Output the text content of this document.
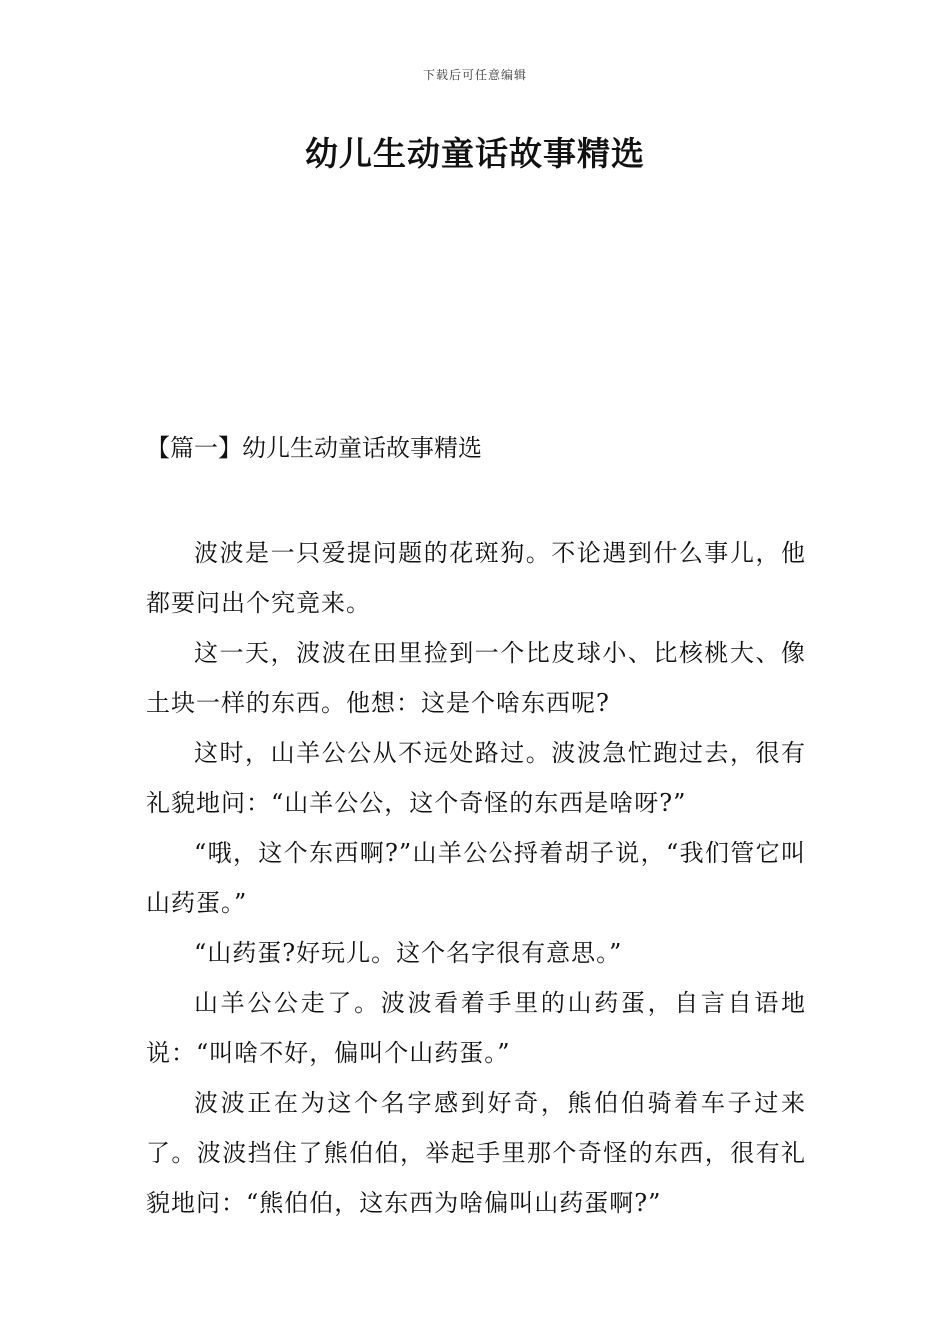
下载后可任意编辑
幼儿生动童话故事精选
【篇一】幼儿生动童话故事精选

波波是一只爱提问题的花斑狗。不论遇到什么事儿，他都要问出个究竟来。

这一天，波波在田里捡到一个比皮球小、比核桃大、像土块一样的东西。他想：这是个啥东西呢?

这时，山羊公公从不远处路过。波波急忙跑过去，很有礼貌地问：“山羊公公，这个奇怪的东西是啥呀?”

“哦，这个东西啊?”山羊公公捋着胡子说，“我们管它叫山药蛋。”

“山药蛋?好玩儿。这个名字很有意思。”

山羊公公走了。波波看着手里的山药蛋，自言自语地说：“叫啥不好，偏叫个山药蛋。”

波波正在为这个名字感到好奇，熊伯伯骑着车子过来了。波波挡住了熊伯伯，举起手里那个奇怪的东西，很有礼貌地问：“熊伯伯，这东西为啥偏叫山药蛋啊?”
